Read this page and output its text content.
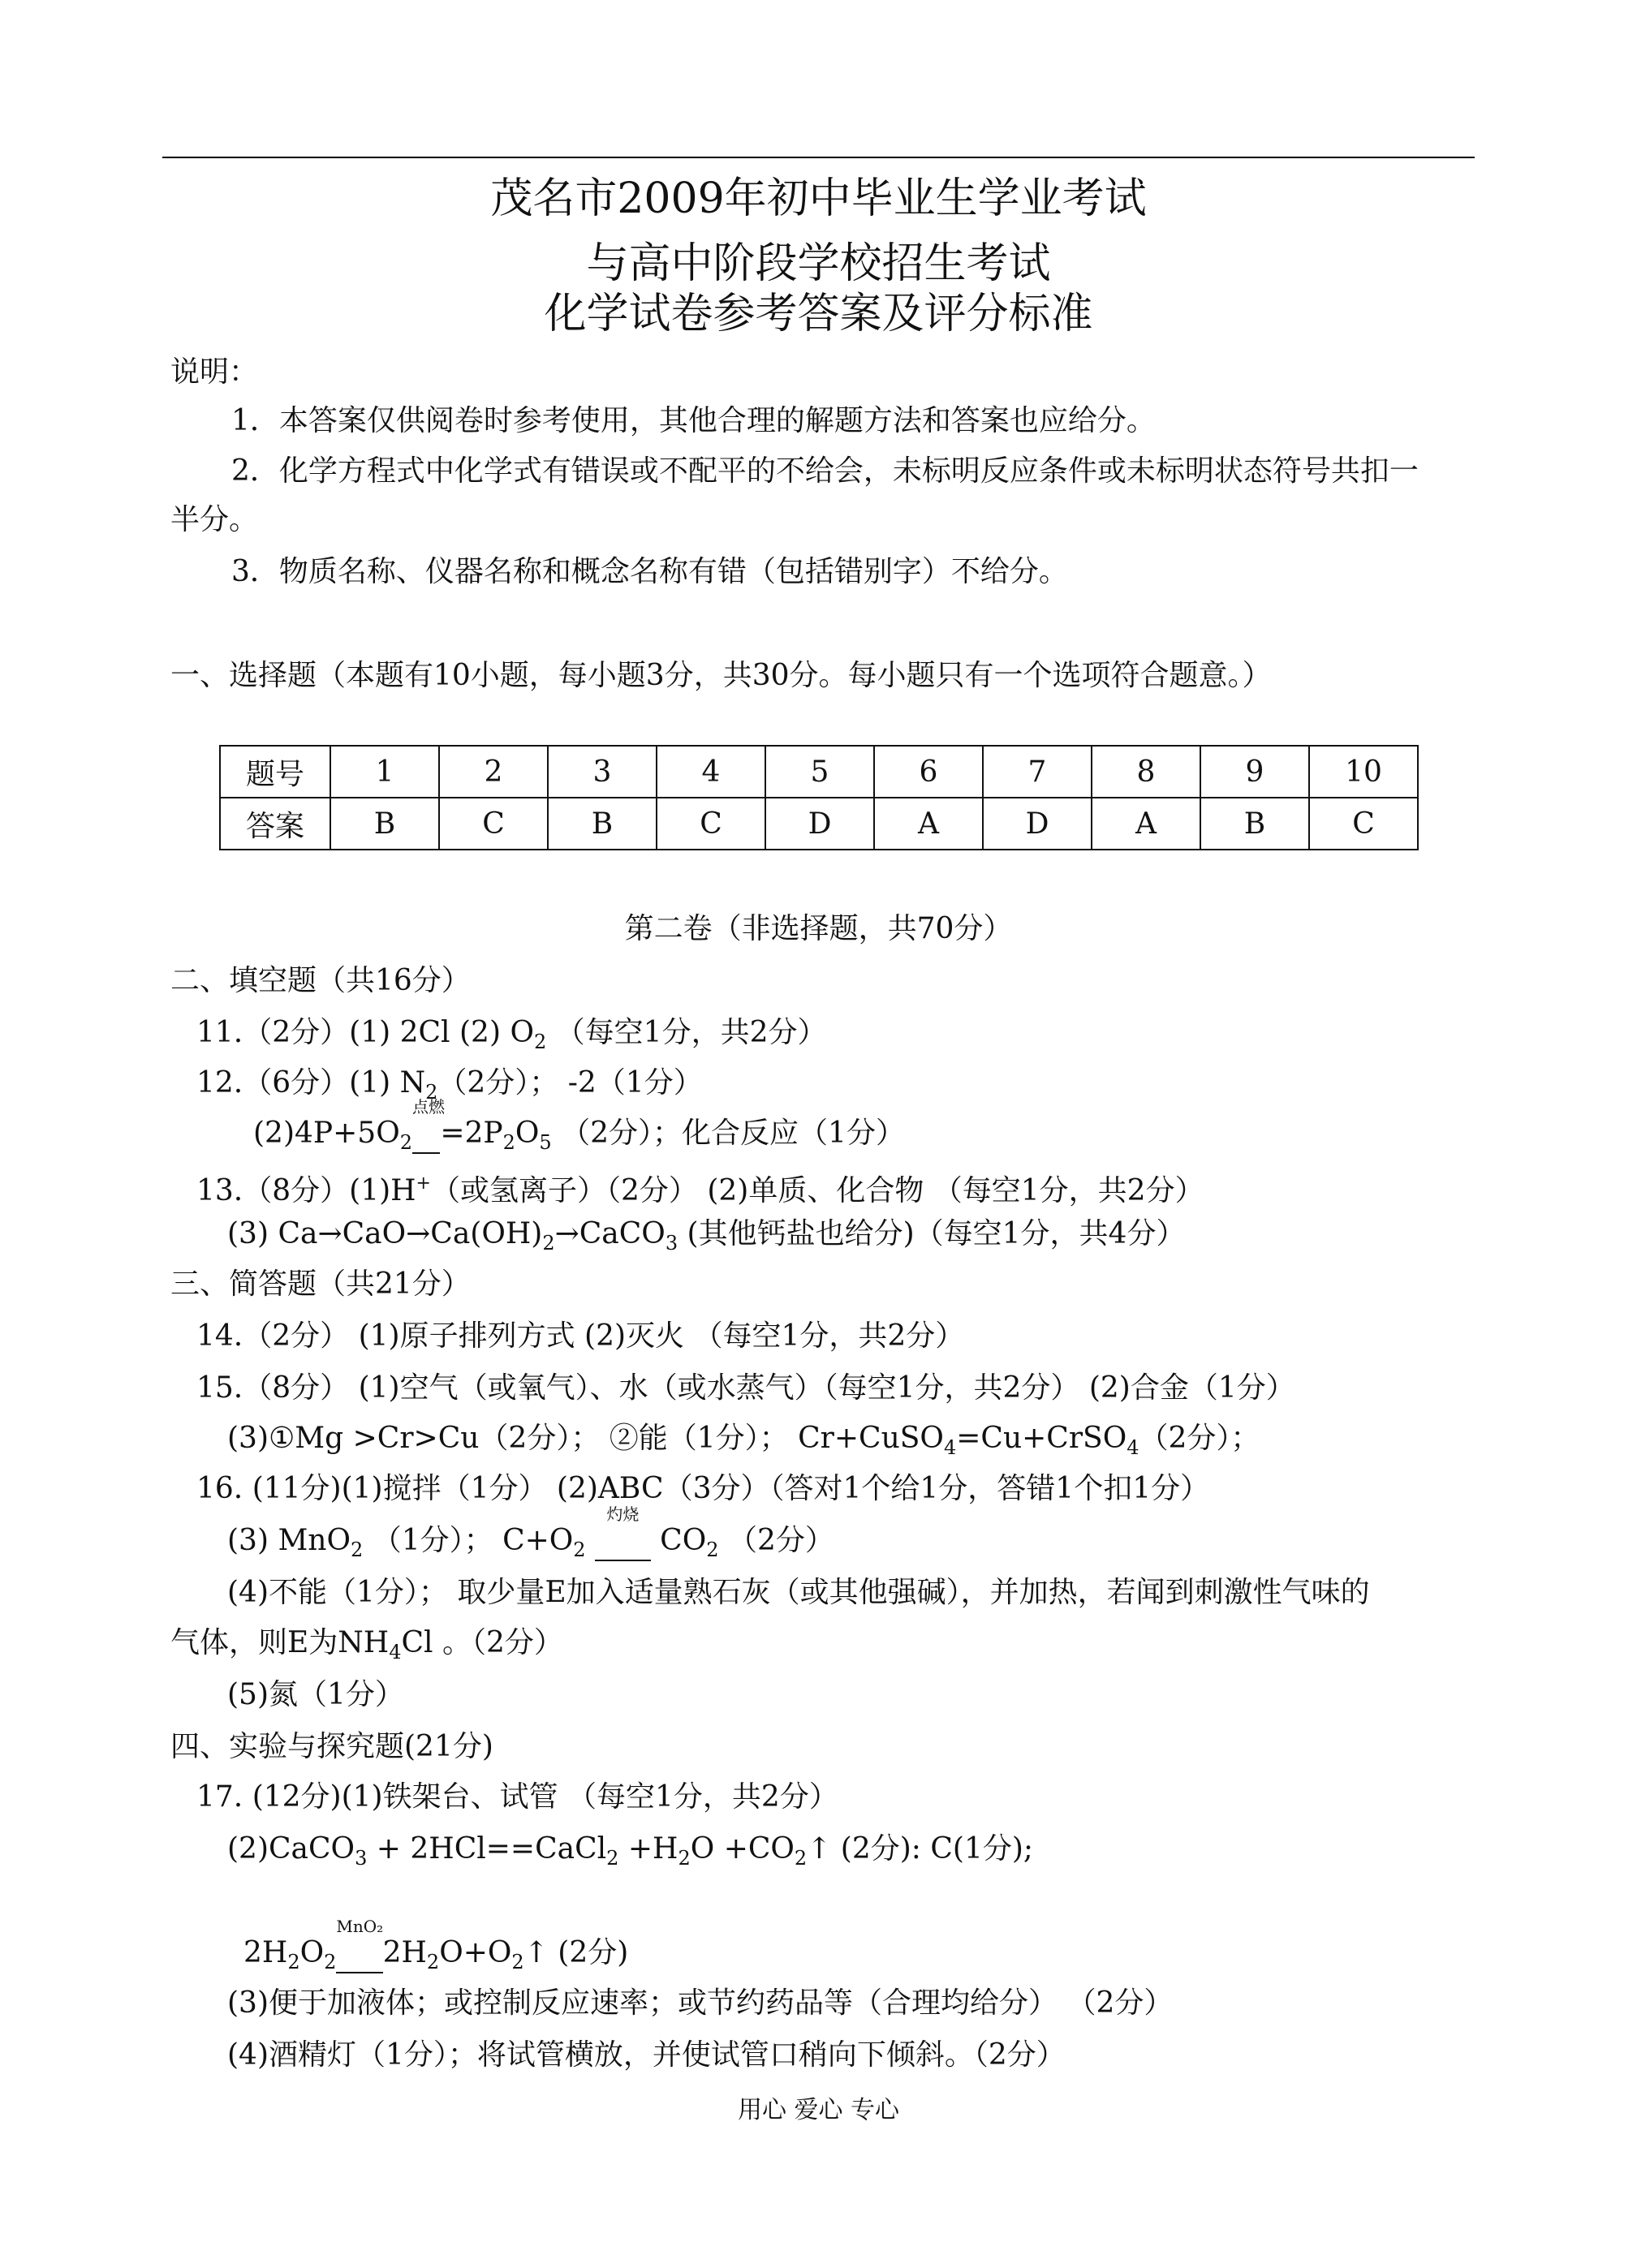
茂名市2009年初中毕业生学业考试
与高中阶段学校招生考试
化学试卷参考答案及评分标准
说明：
1．本答案仅供阅卷时参考使用，其他合理的解题方法和答案也应给分。
2．化学方程式中化学式有错误或不配平的不给会，未标明反应条件或未标明状态符号共扣一
半分。
3．物质名称、仪器名称和概念名称有错（包括错别字）不给分。
一、选择题（本题有10小题，每小题3分，共30分。每小题只有一个选项符合题意。）
题号	1	2	3	4	5	6	7	8	9	10
答案	B	C	B	C	D	A	D	A	B	C
第二卷（非选择题，共70分）
二、填空题（共16分）
11.（2分）(1) 2Cl (2) $O_2$ （每空1分，共2分）
12.（6分）(1) $N_2(2$分）； -2（1分）
$(2)4P+5O_2$
点燃
$=2P_2O_5$ （2分）；化合反应（1分）
13.（8分）(1)H+（或氢离子）（2分） (2)单质、化合物 （每空1分，共2分）
(3) $Ca\to CaO\to Ca(OH)_2\to CaCO_3$ (其他钙盐也给分)（每空1分，共4分）
三、简答题（共21分）
14.（2分） (1)原子排列方式 (2)灭火 （每空1分，共2分）
15.（8分） (1)空气（或氧气）、水（或水蒸气）（每空1分，共2分） (2)合金（1分）
(3)①Mg >Cr>Cu（2分）； ②能（1分）； Cr+CuSO$_4$=Cu+CrSO$_4$（2分）；
16. (11分)(1)搅拌（1分） (2)ABC（3分）（答对1个给1分，答错1个扣1分）
(3) MnO$_2$ （1分）； $C+O_2$
灼烧
$CO_2$ （2分）
(4)不能（1分）； 取少量E加入适量熟石灰（或其他强碱），并加热，若闻到刺激性气味的
气体，则E为$NH_4Cl$ 。（2分）
(5)氮（1分）
四、实验与探究题(21分)
17. (12分)(1)铁架台、试管 （每空1分，共2分）
(2)CaCO$_3$ + 2HCl==CaCl$_2$ $+H_2O$ $+CO_2↑$ (2分): C(1分);
$2H_2O_2$
MnO₂
$2H_2O+O_2↑$ (2分)
(3)便于加液体；或控制反应速率；或节约药品等（合理均给分） （2分）
(4)酒精灯（1分）；将试管横放，并使试管口稍向下倾斜。（2分）
用心 爱心 专心
